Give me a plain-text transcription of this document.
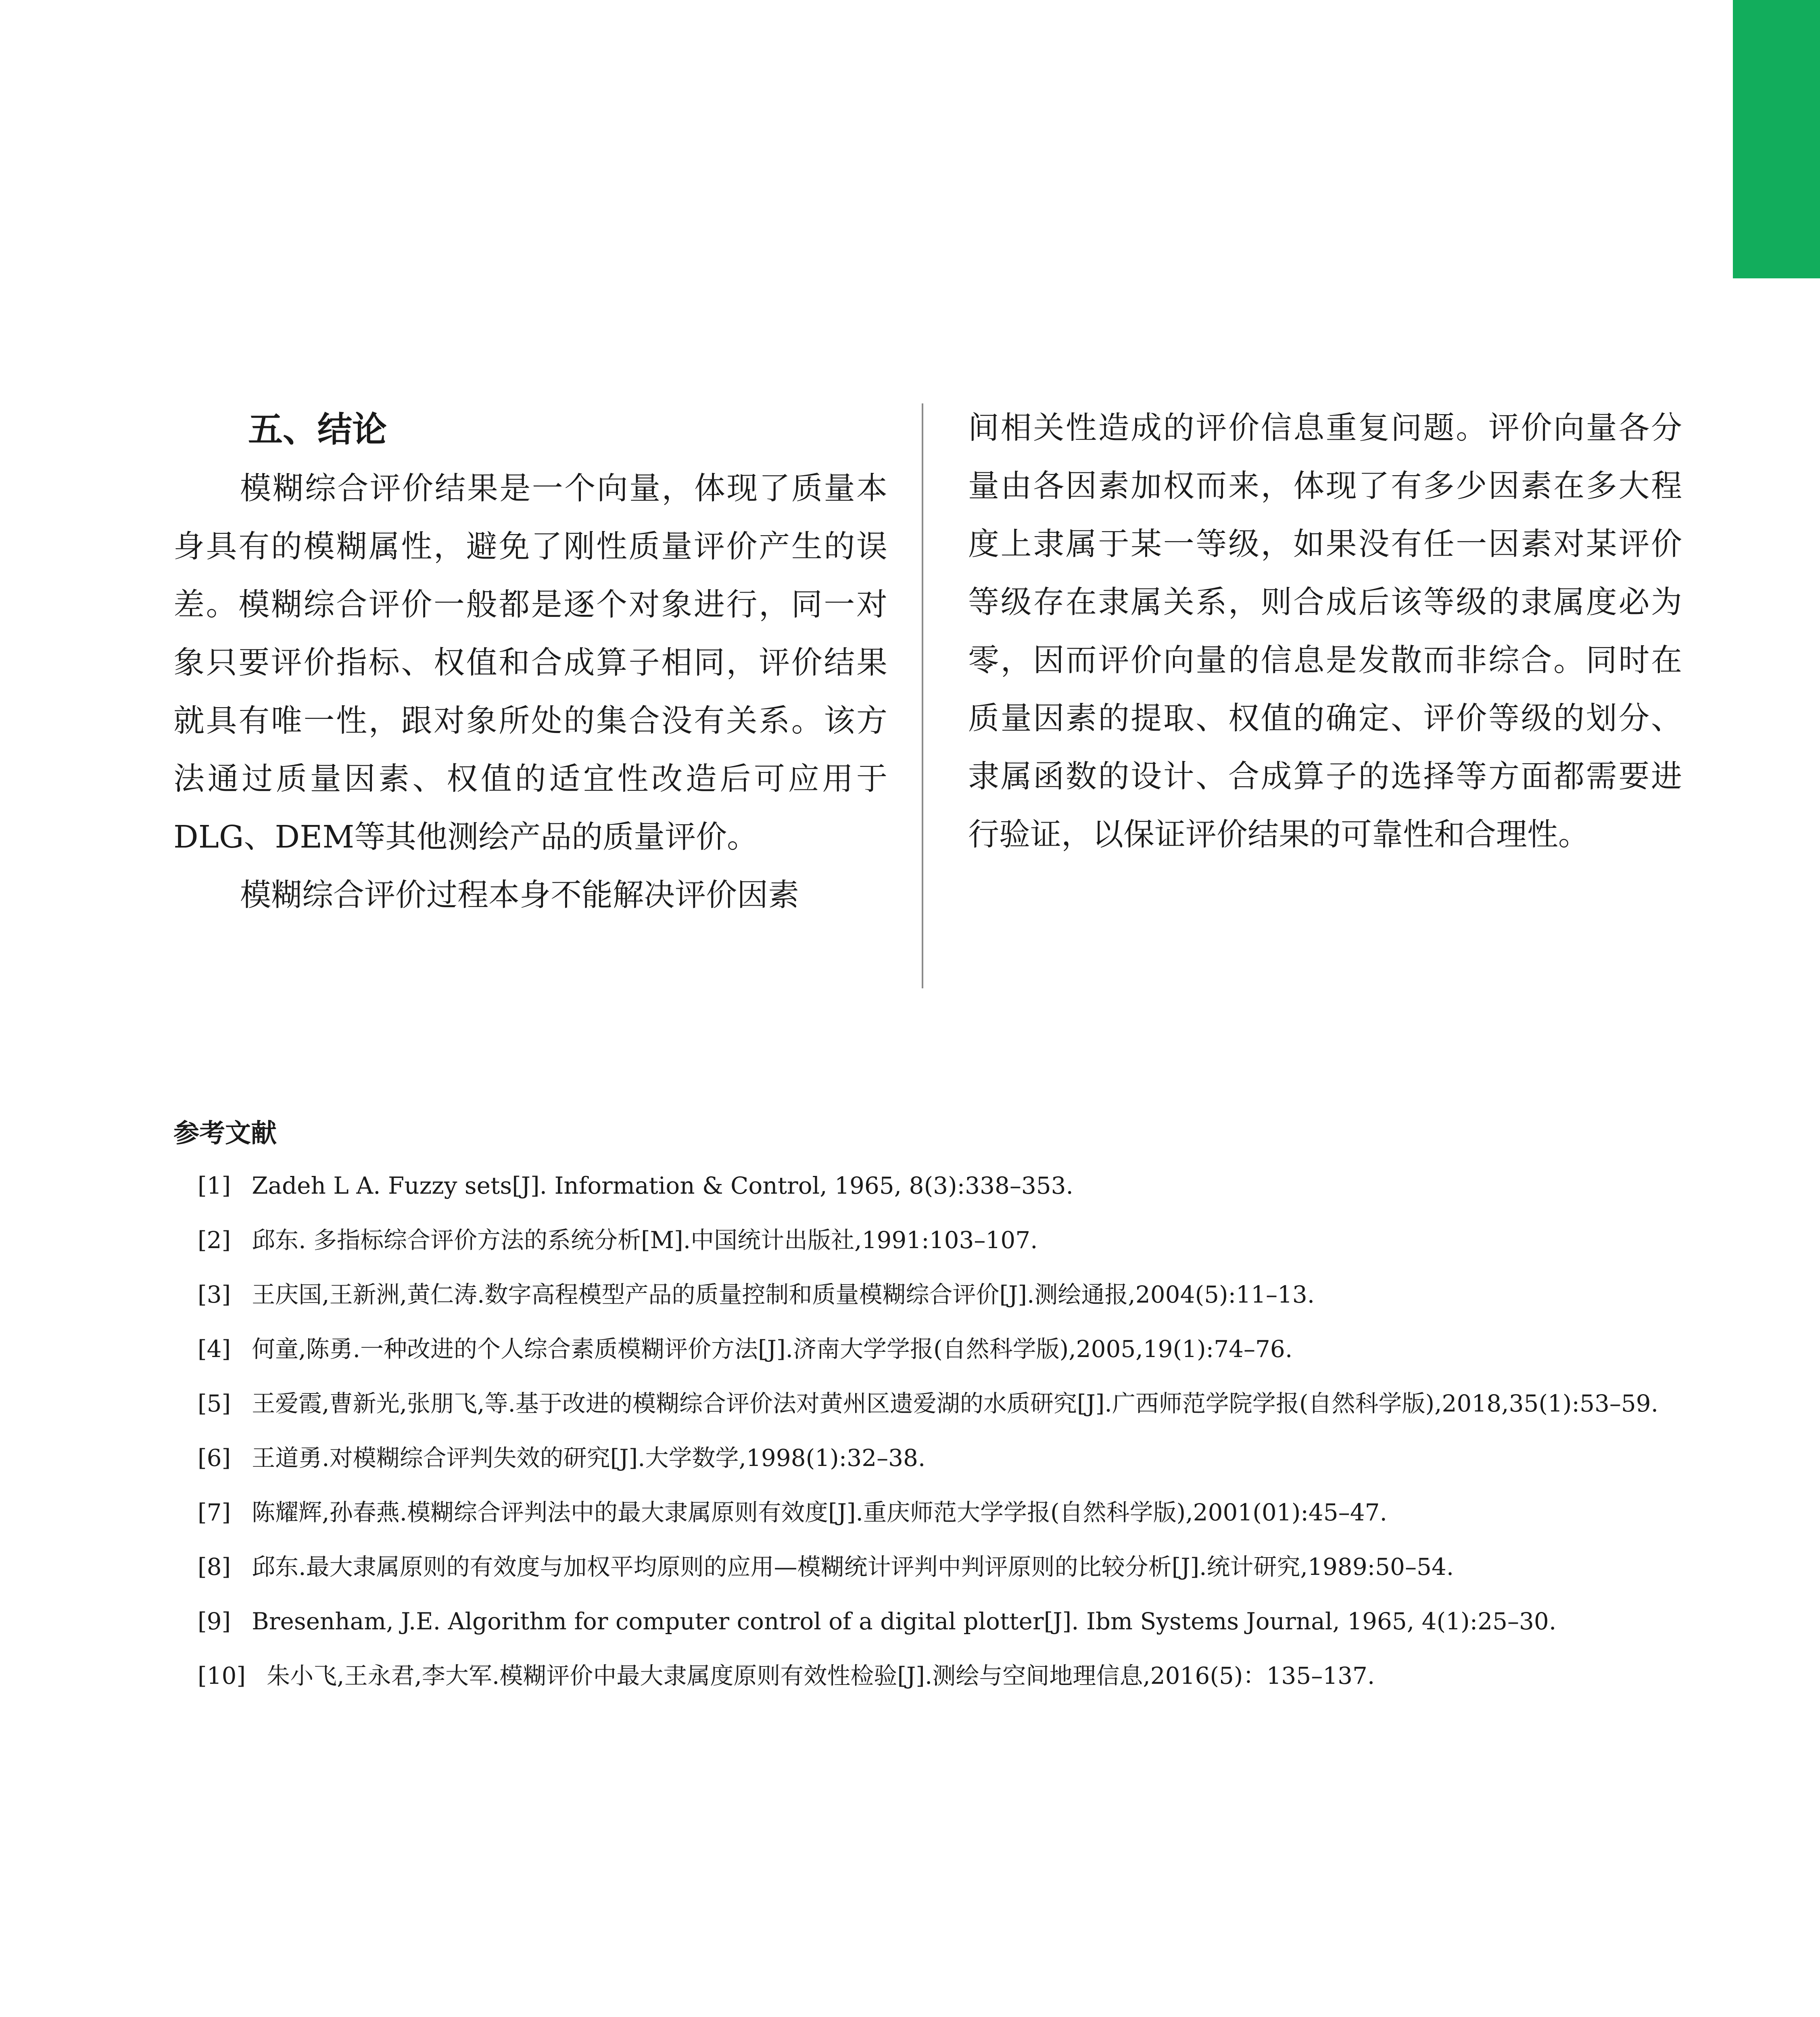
五、结论

模糊综合评价结果是一个向量，体现了质量本身具有的模糊属性，避免了刚性质量评价产生的误差。模糊综合评价一般都是逐个对象进行，同一对象只要评价指标、权值和合成算子相同，评价结果就具有唯一性，跟对象所处的集合没有关系。该方法通过质量因素、权值的适宜性改造后可应用于DLG、DEM等其他测绘产品的质量评价。

模糊综合评价过程本身不能解决评价因素

间相关性造成的评价信息重复问题。评价向量各分量由各因素加权而来，体现了有多少因素在多大程度上隶属于某一等级，如果没有任一因素对某评价等级存在隶属关系，则合成后该等级的隶属度必为零，因而评价向量的信息是发散而非综合。同时在质量因素的提取、权值的确定、评价等级的划分、隶属函数的设计、合成算子的选择等方面都需要进行验证，以保证评价结果的可靠性和合理性。

参考文献

[1] Zadeh L A. Fuzzy sets[J]. Information & Control, 1965, 8(3):338–353.

[2] 邱东. 多指标综合评价方法的系统分析[M].中国统计出版社,1991:103–107.

[3] 王庆国,王新洲,黄仁涛.数字高程模型产品的质量控制和质量模糊综合评价[J].测绘通报,2004(5):11–13.

[4] 何童,陈勇.一种改进的个人综合素质模糊评价方法[J].济南大学学报(自然科学版),2005,19(1):74–76.

[5] 王爱霞,曹新光,张朋飞,等.基于改进的模糊综合评价法对黄州区遗爱湖的水质研究[J].广西师范学院学报(自然科学版),2018,35(1):53–59.

[6] 王道勇.对模糊综合评判失效的研究[J].大学数学,1998(1):32–38.

[7] 陈耀辉,孙春燕.模糊综合评判法中的最大隶属原则有效度[J].重庆师范大学学报(自然科学版),2001(01):45–47.

[8] 邱东.最大隶属原则的有效度与加权平均原则的应用—模糊统计评判中判评原则的比较分析[J].统计研究,1989:50–54.

[9] Bresenham, J.E. Algorithm for computer control of a digital plotter[J]. Ibm Systems Journal, 1965, 4(1):25–30.

[10] 朱小飞,王永君,李大军.模糊评价中最大隶属度原则有效性检验[J].测绘与空间地理信息,2016(5)：135–137.
